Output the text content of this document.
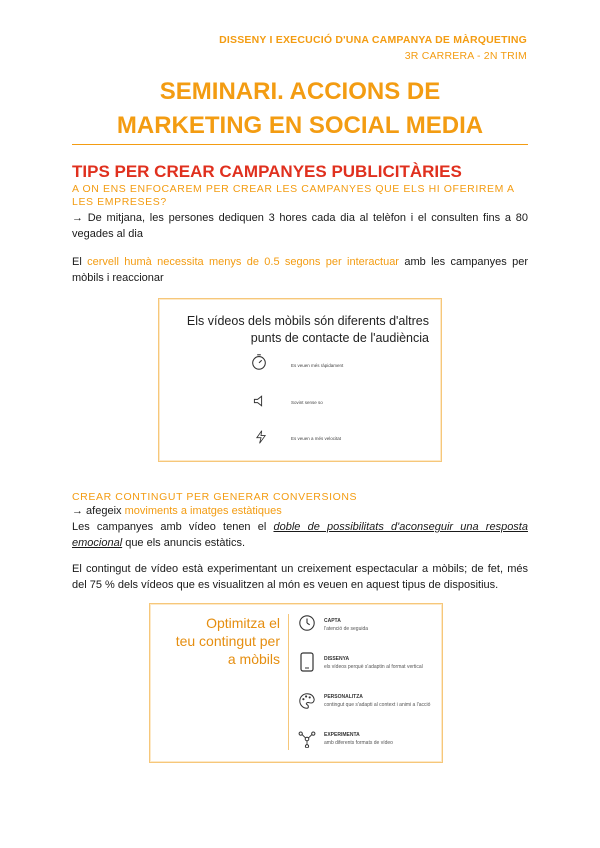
DISSENY I EXECUCIÓ D'UNA CAMPANYA DE MÀRQUETING
3R CARRERA - 2N TRIM
SEMINARI. ACCIONS DE
MARKETING EN SOCIAL MEDIA
TIPS PER CREAR CAMPANYES PUBLICITÀRIES
A ON ENS ENFOCAREM PER CREAR LES CAMPANYES QUE ELS HI OFERIREM A LES EMPRESES?
→ De mitjana, les persones dediquen 3 hores cada dia al telèfon i el consulten fins a 80 vegades al dia
El cervell humà necessita menys de 0.5 segons per interactuar amb les campanyes per mòbils i reaccionar
Els vídeos dels mòbils són diferents d'altres
punts de contacte de l'audiència
Es veuen més ràpidament
Sovint sense so
Es veuen a més velocitat
CREAR CONTINGUT PER GENERAR CONVERSIONS
→ afegeix moviments a imatges estàtiques
Les campanyes amb vídeo tenen el doble de possibilitats d'aconseguir una resposta emocional que els anuncis estàtics.
El contingut de vídeo està experimentant un creixement espectacular a mòbils; de fet, més del 75 % dels vídeos que es visualitzen al món es veuen en aquest tipus de dispositius.
Optimitza el
teu contingut per
a mòbils
CAPTA
l'atenció de seguida
DISSENYA
els vídeos perquè s'adaptin al format vertical
PERSONALITZA
contingut que s'adapti al context i animi a l'acció
EXPERIMENTA
amb diferents formats de vídeo
